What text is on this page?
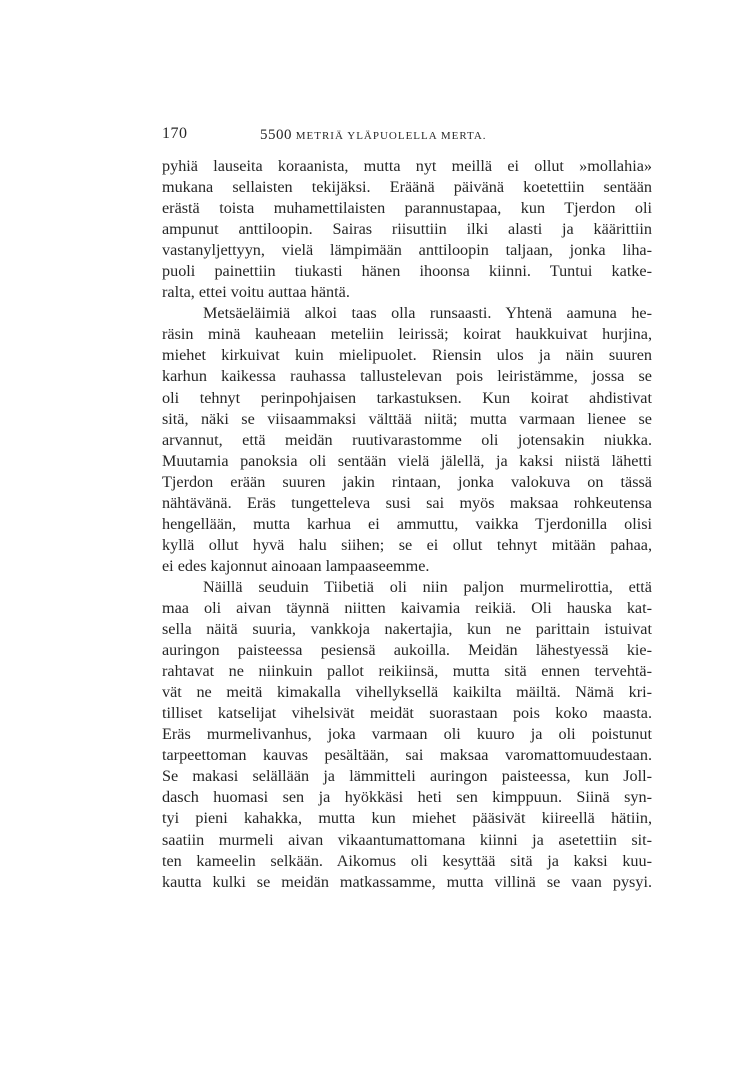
170	5500 METRIÄ YLÄPUOLELLA MERTA.
pyhiä lauseita koraanista, mutta nyt meillä ei ollut »mollahia»
mukana sellaisten tekijäksi. Eräänä päivänä koetettiin sentään
erästä toista muhamettilaisten parannustapaa, kun Tjerdon oli
ampunut anttiloopin. Sairas riisuttiin ilki alasti ja käärittiin
vastanyljettyyn, vielä lämpimään anttiloopin taljaan, jonka liha-
puoli painettiin tiukasti hänen ihoonsa kiinni. Tuntui katke-
ralta, ettei voitu auttaa häntä.
Metsäeläimiä alkoi taas olla runsaasti. Yhtenä aamuna he-
räsin minä kauheaan meteliin leirissä; koirat haukkuivat hurjina,
miehet kirkuivat kuin mielipuolet. Riensin ulos ja näin suuren
karhun kaikessa rauhassa tallustelevan pois leiristämme, jossa se
oli tehnyt perinpohjaisen tarkastuksen. Kun koirat ahdistivat
sitä, näki se viisaammaksi välttää niitä; mutta varmaan lienee se
arvannut, että meidän ruutivarastomme oli jotensakin niukka.
Muutamia panoksia oli sentään vielä jälellä, ja kaksi niistä lähetti
Tjerdon erään suuren jakin rintaan, jonka valokuva on tässä
nähtävänä. Eräs tungetteleva susi sai myös maksaa rohkeutensa
hengellään, mutta karhua ei ammuttu, vaikka Tjerdonilla olisi
kyllä ollut hyvä halu siihen; se ei ollut tehnyt mitään pahaa,
ei edes kajonnut ainoaan lampaaseemme.
Näillä seuduin Tiibetiä oli niin paljon murmelirottia, että
maa oli aivan täynnä niitten kaivamia reikiä. Oli hauska kat-
sella näitä suuria, vankkoja nakertajia, kun ne parittain istuivat
auringon paisteessa pesiensä aukoilla. Meidän lähestyessä kie-
rahtavat ne niinkuin pallot reikiinsä, mutta sitä ennen tervehtä-
vät ne meitä kimakalla vihellyksellä kaikilta mäiltä. Nämä kri-
tilliset katselijat vihelsivät meidät suorastaan pois koko maasta.
Eräs murmelivanhus, joka varmaan oli kuuro ja oli poistunut
tarpeettoman kauvas pesältään, sai maksaa varomattomuudestaan.
Se makasi selällään ja lämmitteli auringon paisteessa, kun Joll-
dasch huomasi sen ja hyökkäsi heti sen kimppuun. Siinä syn-
tyi pieni kahakka, mutta kun miehet pääsivät kiireellä hätiin,
saatiin murmeli aivan vikaantumattomana kiinni ja asetettiin sit-
ten kameelin selkään. Aikomus oli kesyttää sitä ja kaksi kuu-
kautta kulki se meidän matkassamme, mutta villinä se vaan pysyi.
